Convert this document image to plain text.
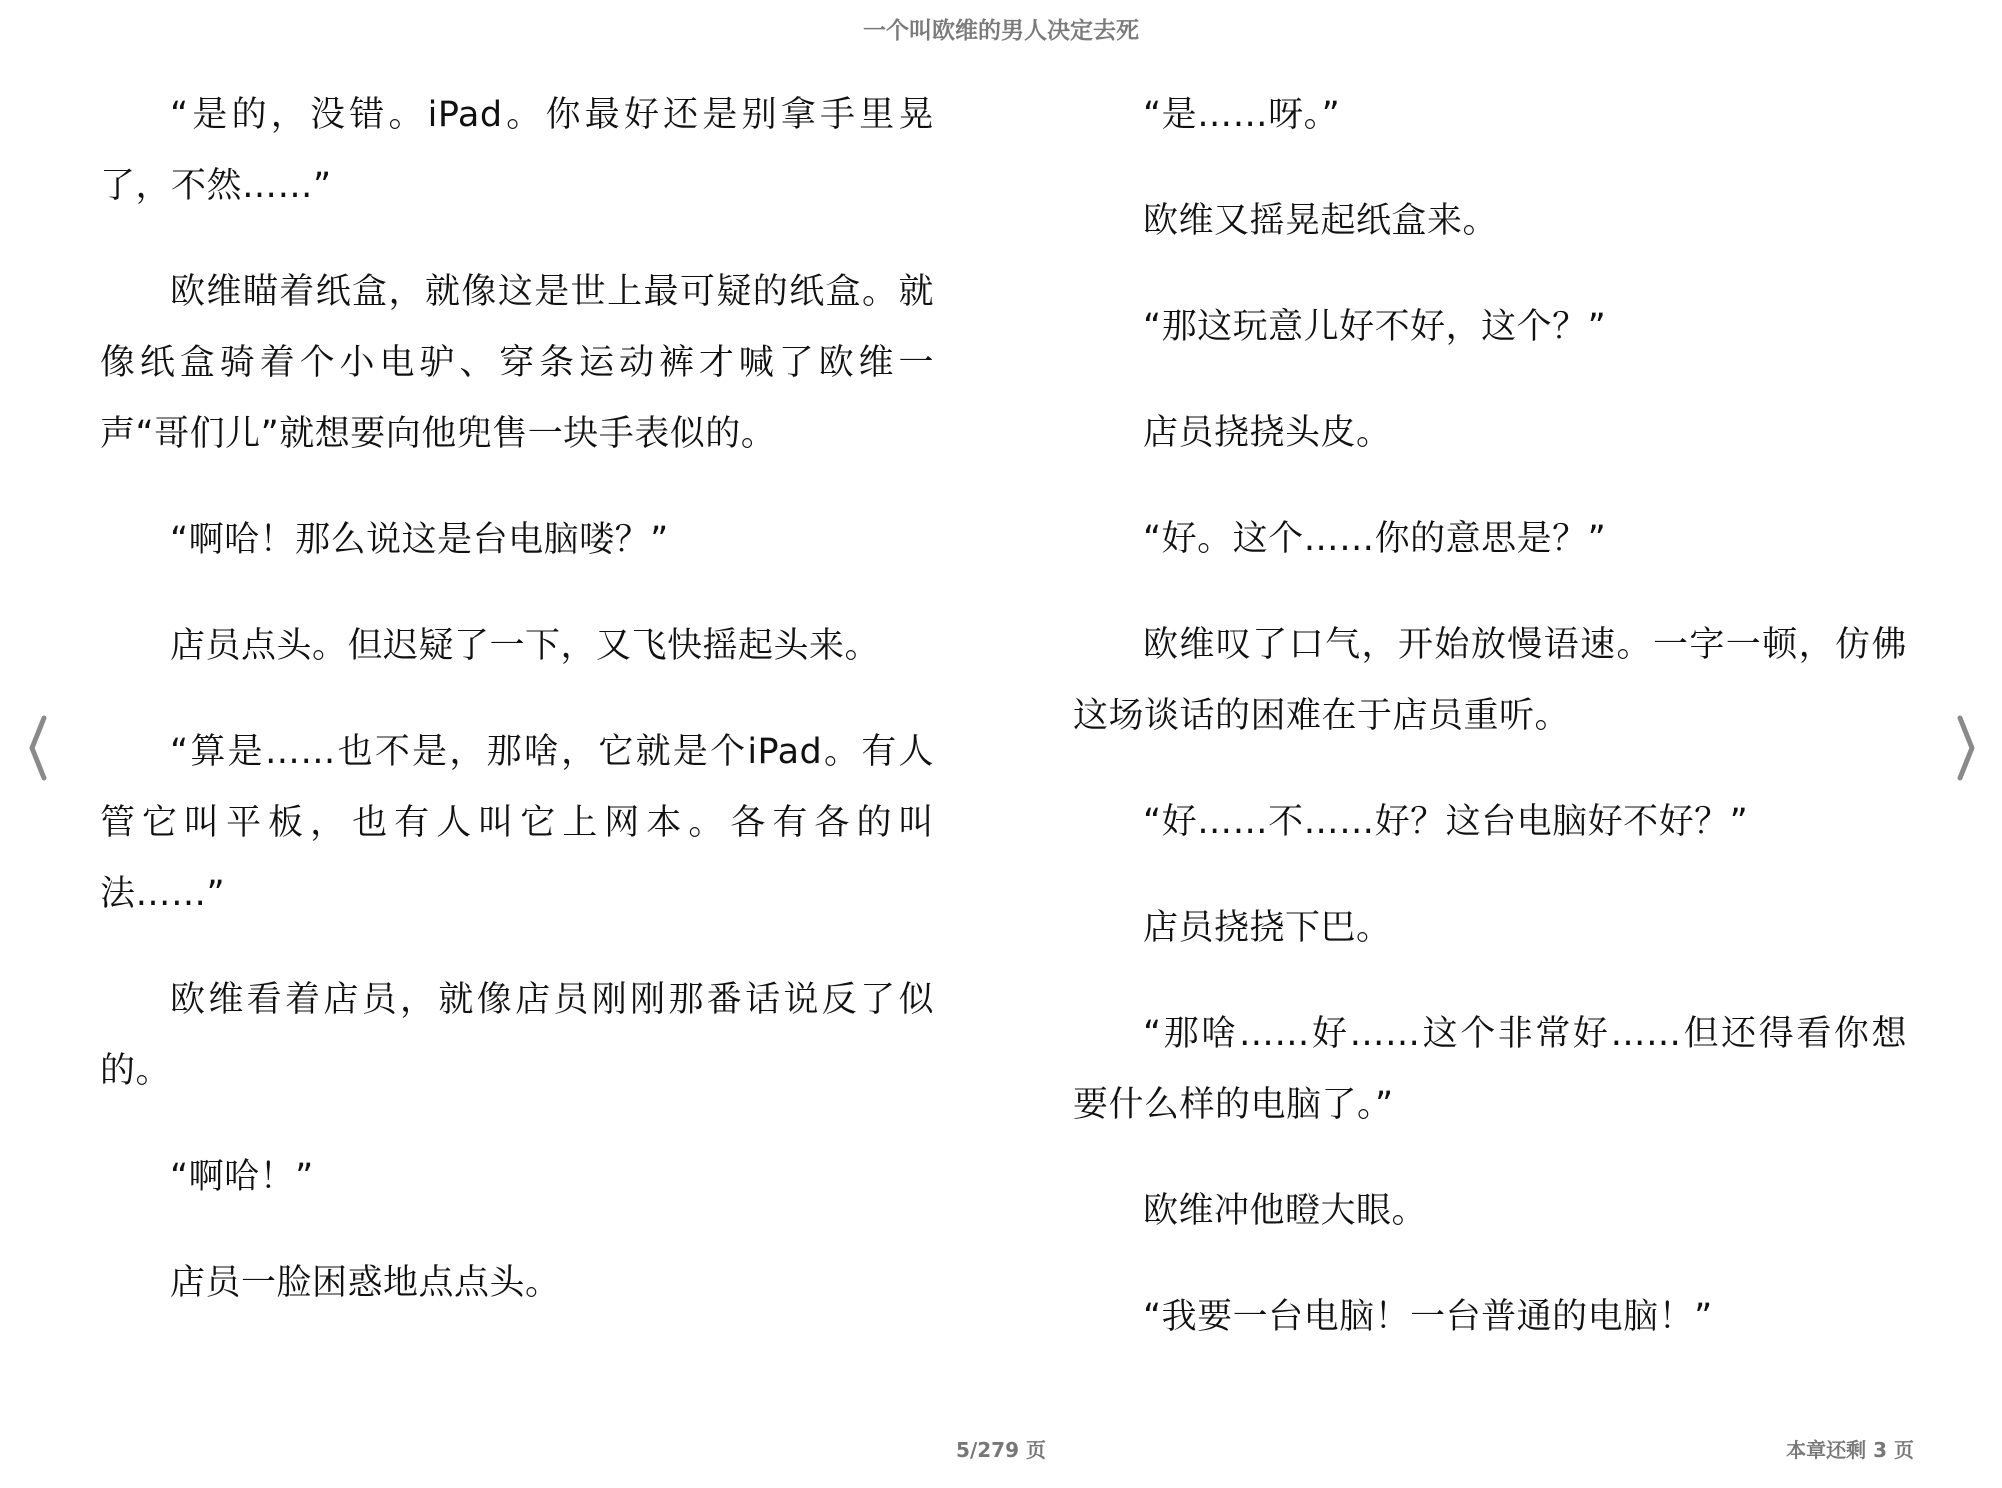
一个叫欧维的男人决定去死

“是的，没错。iPad。你最好还是别拿手里晃了，不然……”

欧维瞄着纸盒，就像这是世上最可疑的纸盒。就像纸盒骑着个小电驴、穿条运动裤才喊了欧维一声“哥们儿”就想要向他兜售一块手表似的。

“啊哈！那么说这是台电脑喽？”

店员点头。但迟疑了一下，又飞快摇起头来。

“算是……也不是，那啥，它就是个iPad。有人管它叫平板，也有人叫它上网本。各有各的叫法……”

欧维看着店员，就像店员刚刚那番话说反了似的。

“啊哈！”

店员一脸困惑地点点头。

“是……呀。”

欧维又摇晃起纸盒来。

“那这玩意儿好不好，这个？”

店员挠挠头皮。

“好。这个……你的意思是？”

欧维叹了口气，开始放慢语速。一字一顿，仿佛这场谈话的困难在于店员重听。

“好……不……好？这台电脑好不好？”

店员挠挠下巴。

“那啥……好……这个非常好……但还得看你想要什么样的电脑了。”

欧维冲他瞪大眼。

“我要一台电脑！一台普通的电脑！”

5/279 页	本章还剩 3 页
